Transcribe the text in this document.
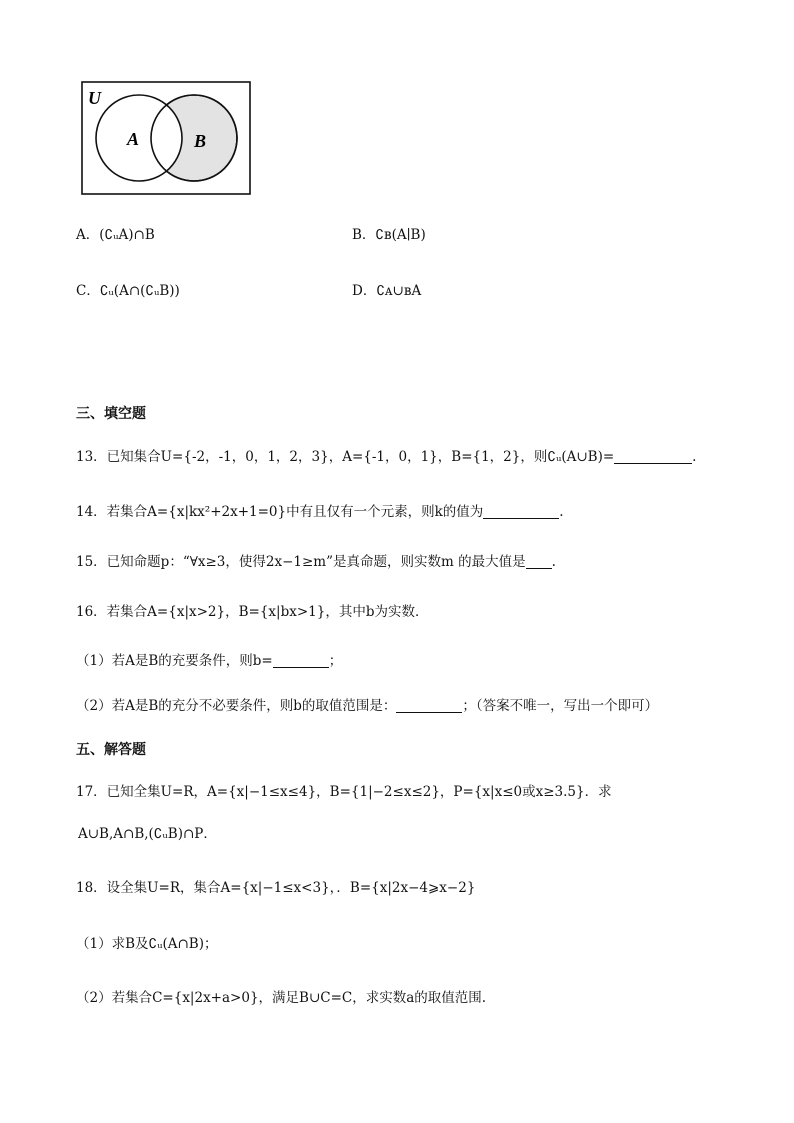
U
A	B
A．(∁ᵤA)∩B	B．∁ʙ(A∣B)
C．∁ᵤ(A∩(∁ᵤB))	D．∁ᴀ∪ʙA
三、填空题
13．已知集合U={-2，-1，0，1，2，3}，A={-1，0，1}，B={1，2}，则∁ᵤ(A∪B)=	.
14．若集合A={x|kx²+2x+1=0}中有且仅有一个元素，则k的值为	.
15．已知命题p：“∀x≥3，使得2x−1≥m”是真命题，则实数m 的最大值是 .
16．若集合A={x|x>2}，B={x|bx>1}，其中b为实数．
（1）若A是B的充要条件，则b=	；
（2）若A是B的充分不必要条件，则b的取值范围是：	；（答案不唯一，写出一个即可）
五、解答题
17．已知全集U=R，A={x|−1≤x≤4}，B={1|−2≤x≤2}，P={x|x≤0或x≥3.5}．求
A∪B,A∩B,(∁ᵤB)∩P．
18．设全集U=R，集合A={x|−1≤x<3}，．B={x|2x−4⩾x−2}
（1）求B及∁ᵤ(A∩B)；
（2）若集合C={x|2x+a>0}，满足B∪C=C，求实数a的取值范围.
